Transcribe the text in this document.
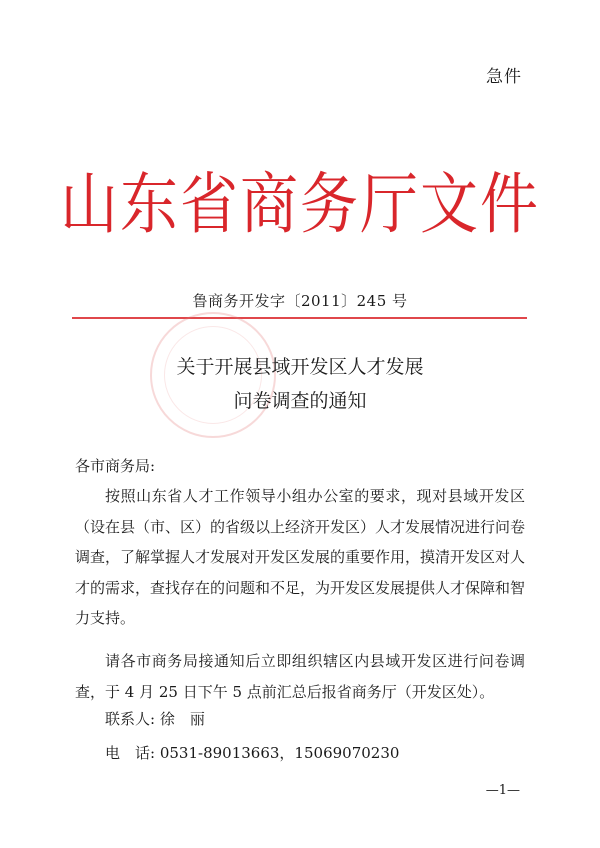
急件
山东省商务厅文件
鲁商务开发字〔2011〕245 号
关于开展县域开发区人才发展
问卷调查的通知
各市商务局:
按照山东省人才工作领导小组办公室的要求，现对县域开发区（设在县（市、区）的省级以上经济开发区）人才发展情况进行问卷调查，了解掌握人才发展对开发区发展的重要作用，摸清开发区对人才的需求，查找存在的问题和不足，为开发区发展提供人才保障和智力支持。
请各市商务局接通知后立即组织辖区内县域开发区进行问卷调查，于 4 月 25 日下午 5 点前汇总后报省商务厅（开发区处）。
联系人: 徐　丽
电　话: 0531-89013663，15069070230
—1—
